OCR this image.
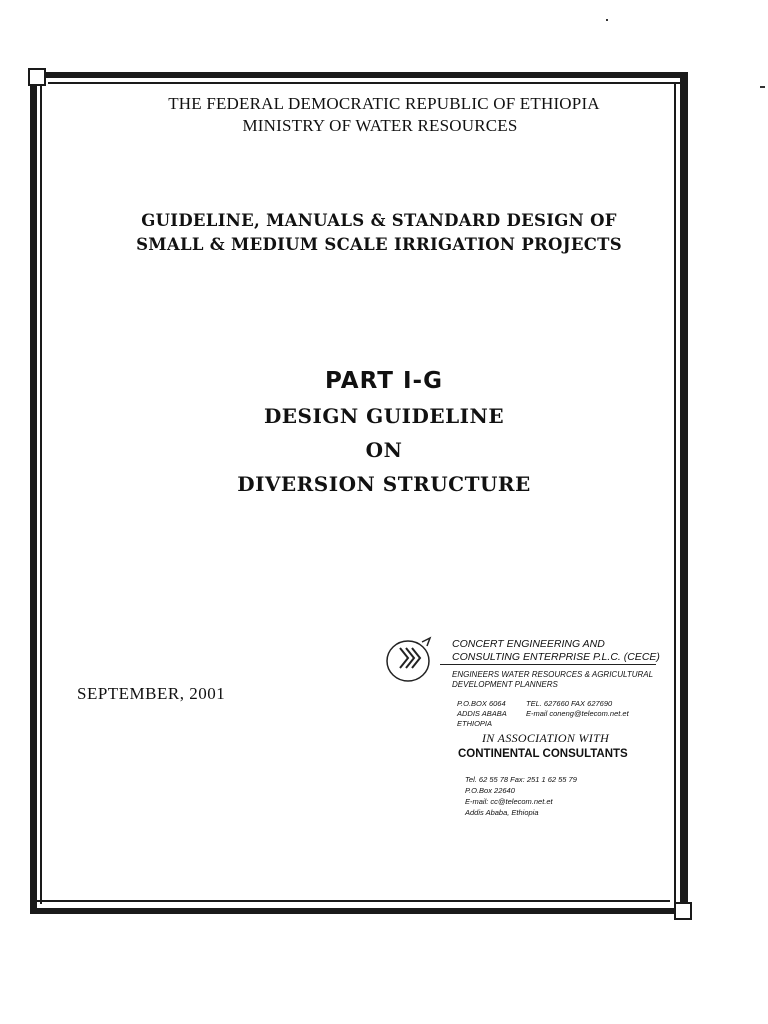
THE FEDERAL DEMOCRATIC REPUBLIC OF ETHIOPIA
MINISTRY OF WATER RESOURCES
GUIDELINE, MANUALS & STANDARD DESIGN OF
SMALL & MEDIUM SCALE IRRIGATION PROJECTS
PART I-G
DESIGN GUIDELINE
ON
DIVERSION STRUCTURE
SEPTEMBER, 2001
CONCERT ENGINEERING AND
CONSULTING ENTERPRISE P.L.C. (CECE)
ENGINEERS WATER RESOURCES & AGRICULTURAL
DEVELOPMENT PLANNERS
P.O.BOX 6064	TEL. 627660 FAX 627690
ADDIS ABABA	E-mail coneng@telecom.net.et
ETHIOPIA
IN ASSOCIATION WITH
CONTINENTAL CONSULTANTS
Tel. 62 55 78 Fax: 251 1 62 55 79
P.O.Box 22640
E-mail: cc@telecom.net.et
Addis Ababa, Ethiopia
